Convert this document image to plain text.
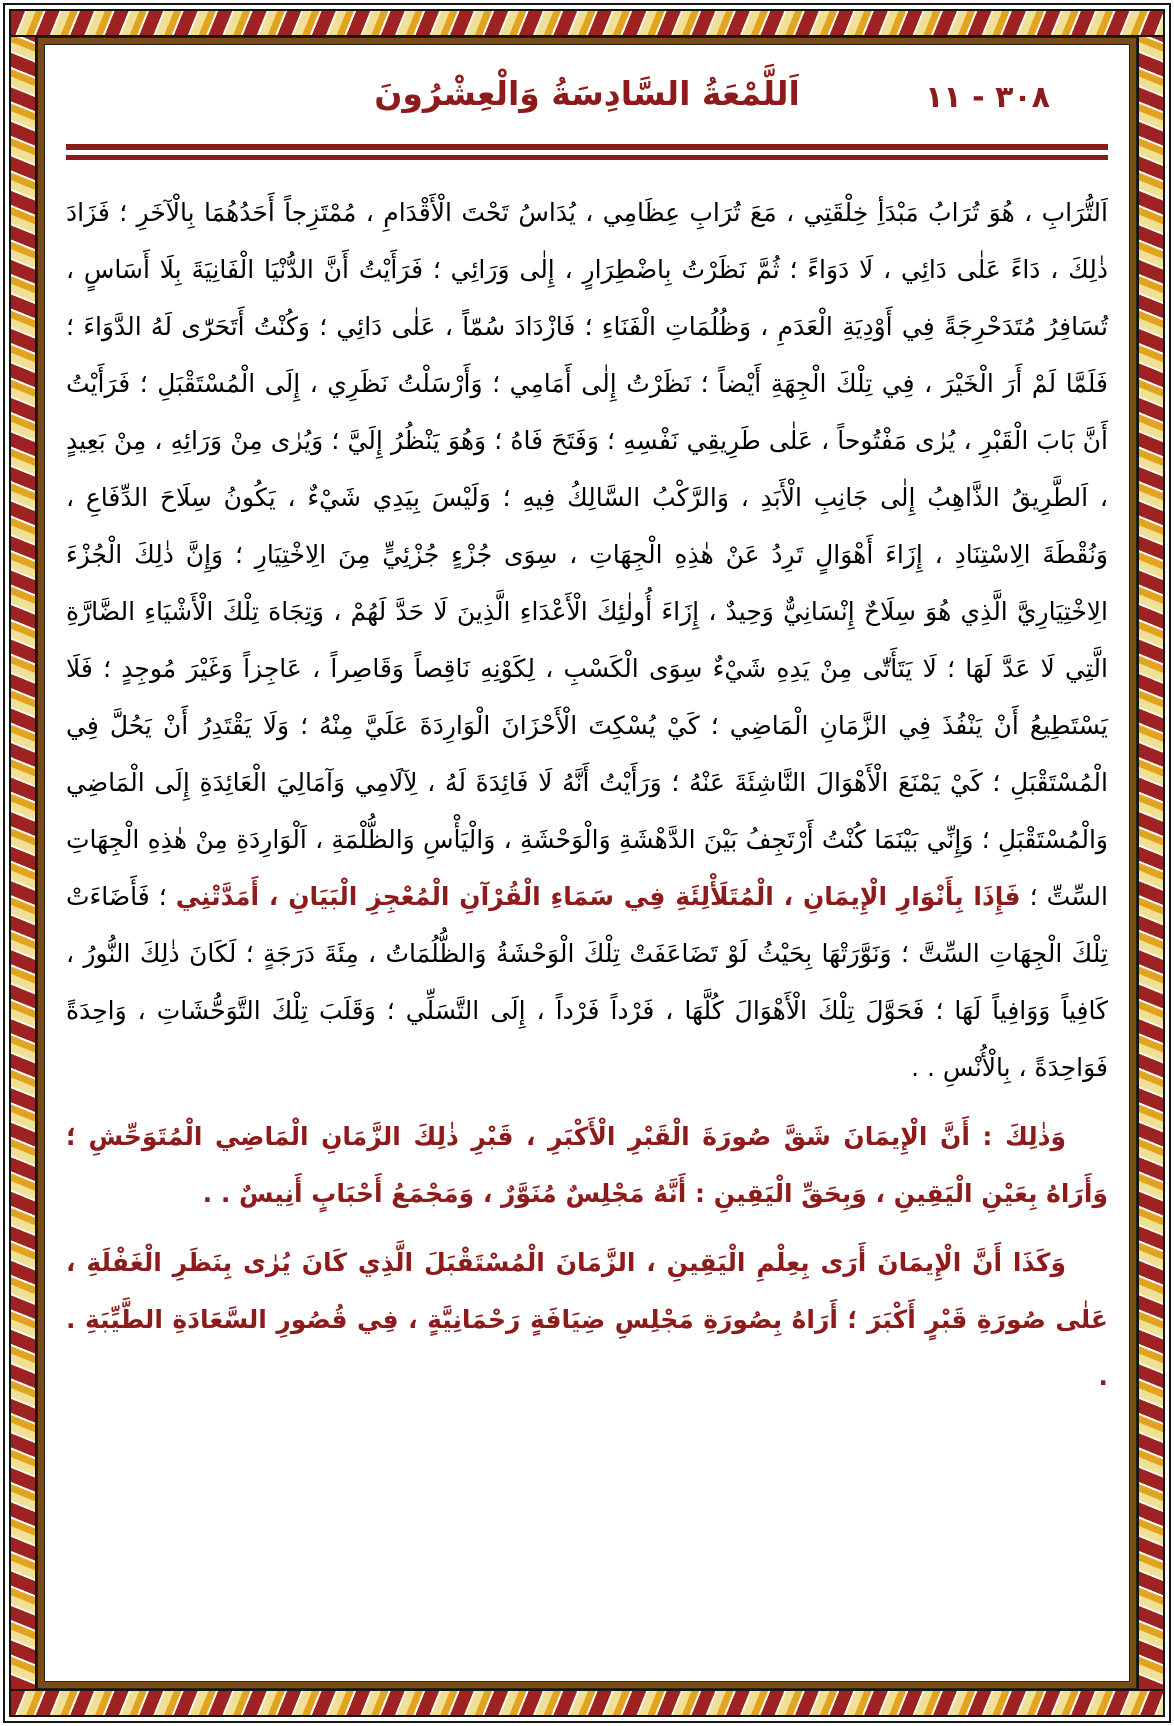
٣٠٨ - ١١
اَللَّمْعَةُ السَّادِسَةُ وَالْعِشْرُونَ

اَلتُّرَابِ ، هُوَ تُرَابُ مَبْدَأِ خِلْقَتِي ، مَعَ تُرَابِ عِظَامِي ، يُدَاسُ تَحْتَ الْأَقْدَامِ ، مُمْتَزِجاً أَحَدُهُمَا بِالْآخَرِ ؛ فَزَادَ ذٰلِكَ ، دَاءً عَلٰى دَائِي ، لَا دَوَاءً ؛ ثُمَّ نَظَرْتُ بِاضْطِرَارٍ ، إِلٰى وَرَائِي ؛ فَرَأَيْتُ أَنَّ الدُّنْيَا الْفَانِيَةَ بِلَا أَسَاسٍ ، تُسَافِرُ مُتَدَحْرِجَةً فِي أَوْدِيَةِ الْعَدَمِ ، وَظُلُمَاتِ الْفَنَاءِ ؛ فَازْدَادَ سُمّاً ، عَلٰى دَائِي ؛ وَكُنْتُ أَتَحَرّٰى لَهُ الدَّوَاءَ ؛ فَلَمَّا لَمْ أَرَ الْخَيْرَ ، فِي تِلْكَ الْجِهَةِ أَيْضاً ؛ نَظَرْتُ إِلٰى أَمَامِي ؛ وَأَرْسَلْتُ نَظَرِي ، إِلَى الْمُسْتَقْبَلِ ؛ فَرَأَيْتُ أَنَّ بَابَ الْقَبْرِ ، يُرٰى مَفْتُوحاً ، عَلٰى طَرِيقِي نَفْسِهِ ؛ وَفَتَحَ فَاهُ ؛ وَهُوَ يَنْظُرُ إِلَيَّ ؛ وَيُرٰى مِنْ وَرَائِهِ ، مِنْ بَعِيدٍ ، اَلطَّرِيقُ الذَّاهِبُ إِلٰى جَانِبِ الْأَبَدِ ، وَالرَّكْبُ السَّالِكُ فِيهِ ؛ وَلَيْسَ بِيَدِي شَيْءٌ ، يَكُونُ سِلَاحَ الدِّفَاعِ ، وَنُقْطَةَ الِاسْتِنَادِ ، إِزَاءَ أَهْوَالٍ تَرِدُ عَنْ هٰذِهِ الْجِهَاتِ ، سِوَى جُزْءٍ جُزْئِيٍّ مِنَ الِاخْتِيَارِ ؛ وَإِنَّ ذٰلِكَ الْجُزْءَ الِاخْتِيَارِيَّ الَّذِي هُوَ سِلَاحٌ إِنْسَانِيٌّ وَحِيدٌ ، إِزَاءَ أُولٰئِكَ الْأَعْدَاءِ الَّذِينَ لَا حَدَّ لَهُمْ ، وَتِجَاهَ تِلْكَ الْأَشْيَاءِ الضَّارَّةِ الَّتِي لَا عَدَّ لَهَا ؛ لَا يَتَأَتّٰى مِنْ يَدِهِ شَيْءٌ سِوَى الْكَسْبِ ، لِكَوْنِهِ نَاقِصاً وَقَاصِراً ، عَاجِزاً وَغَيْرَ مُوجِدٍ ؛ فَلَا يَسْتَطِيعُ أَنْ يَنْفُذَ فِي الزَّمَانِ الْمَاضِي ؛ كَيْ يُسْكِتَ الْأَحْزَانَ الْوَارِدَةَ عَلَيَّ مِنْهُ ؛ وَلَا يَقْتَدِرُ أَنْ يَحُلَّ فِي الْمُسْتَقْبَلِ ؛ كَيْ يَمْنَعَ الْأَهْوَالَ النَّاشِئَةَ عَنْهُ ؛ وَرَأَيْتُ أَنَّهُ لَا فَائِدَةَ لَهُ ، لِآلَامِي وَآمَالِيَ الْعَائِدَةِ إِلَى الْمَاضِي وَالْمُسْتَقْبَلِ ؛ وَإِنِّي بَيْنَمَا كُنْتُ أَرْتَجِفُ بَيْنَ الدَّهْشَةِ وَالْوَحْشَةِ ، وَالْيَأْسِ وَالظُّلْمَةِ ، اَلْوَارِدَةِ مِنْ هٰذِهِ الْجِهَاتِ السِّتِّ ؛ فَإِذَا بِأَنْوَارِ الْإِيمَانِ ، الْمُتَلَأْلِئَةِ فِي سَمَاءِ الْقُرْآنِ الْمُعْجِزِ الْبَيَانِ ، أَمَدَّتْنِي ؛ فَأَضَاءَتْ تِلْكَ الْجِهَاتِ السِّتَّ ؛ وَنَوَّرَتْهَا بِحَيْثُ لَوْ تَضَاعَفَتْ تِلْكَ الْوَحْشَةُ وَالظُّلُمَاتُ ، مِئَةَ دَرَجَةٍ ؛ لَكَانَ ذٰلِكَ النُّورُ ، كَافِياً وَوَافِياً لَهَا ؛ فَحَوَّلَ تِلْكَ الْأَهْوَالَ كُلَّهَا ، فَرْداً فَرْداً ، إِلَى التَّسَلِّي ؛ وَقَلَبَ تِلْكَ التَّوَحُّشَاتِ ، وَاحِدَةً فَوَاحِدَةً ، بِالْأُنْسِ . .

وَذٰلِكَ : أَنَّ الْإِيمَانَ شَقَّ صُورَةَ الْقَبْرِ الْأَكْبَرِ ، قَبْرِ ذٰلِكَ الزَّمَانِ الْمَاضِي الْمُتَوَحِّشِ ؛ وَأَرَاهُ بِعَيْنِ الْيَقِينِ ، وَبِحَقِّ الْيَقِينِ : أَنَّهُ مَجْلِسٌ مُنَوَّرٌ ، وَمَجْمَعُ أَحْبَابٍ أَنِيسٌ . .

وَكَذَا أَنَّ الْإِيمَانَ أَرَى بِعِلْمِ الْيَقِينِ ، الزَّمَانَ الْمُسْتَقْبَلَ الَّذِي كَانَ يُرٰى بِنَظَرِ الْغَفْلَةِ ، عَلٰى صُورَةِ قَبْرٍ أَكْبَرَ ؛ أَرَاهُ بِصُورَةِ مَجْلِسِ ضِيَافَةٍ رَحْمَانِيَّةٍ ، فِي قُصُورِ السَّعَادَةِ الطَّيِّبَةِ . .
